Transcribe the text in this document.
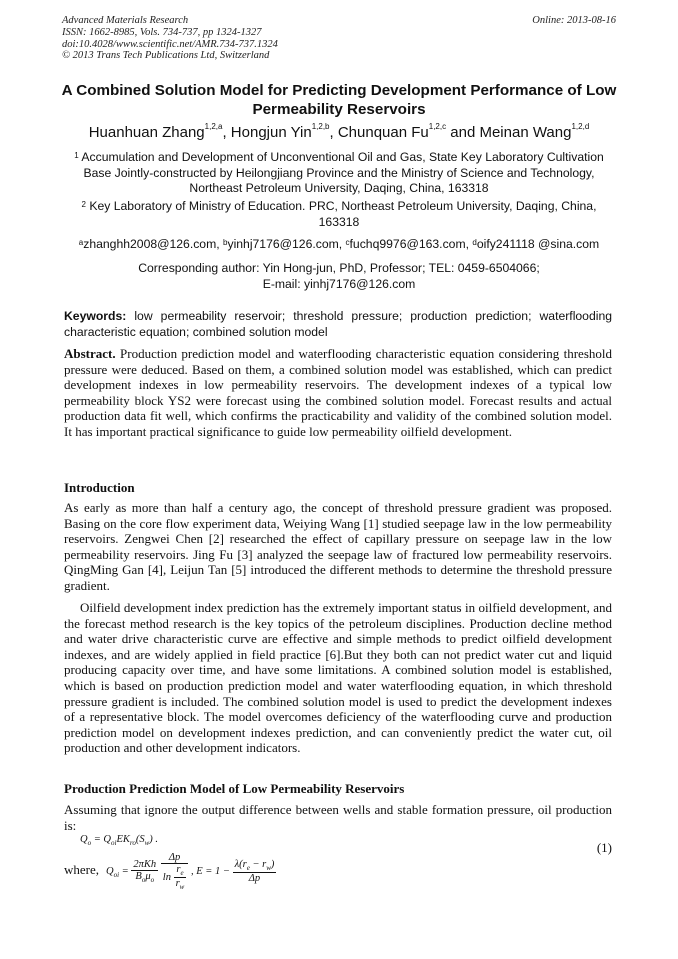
Advanced Materials Research
ISSN: 1662-8985, Vols. 734-737, pp 1324-1327
doi:10.4028/www.scientific.net/AMR.734-737.1324
© 2013 Trans Tech Publications Ltd, Switzerland
Online: 2013-08-16
A Combined Solution Model for Predicting Development Performance of Low Permeability Reservoirs
Huanhuan Zhang$^{1,2,a}$, Hongjun Yin$^{1,2,b}$, Chunquan Fu$^{1,2,c}$ and Meinan Wang$^{1,2,d}$
$^1$ Accumulation and Development of Unconventional Oil and Gas, State Key Laboratory Cultivation Base Jointly-constructed by Heilongjiang Province and the Ministry of Science and Technology, Northeast Petroleum University, Daqing, China, 163318
$^2$ Key Laboratory of Ministry of Education. PRC, Northeast Petroleum University, Daqing, China, 163318
$^a$zhanghh2008@126.com, $^b$yinhj7176@126.com, $^c$fuchq9976@163.com, $^d$oify241118 @sina.com
Corresponding author: Yin Hong-jun, PhD, Professor; TEL: 0459-6504066;
E-mail: yinhj7176@126.com
Keywords: low permeability reservoir; threshold pressure; production prediction; waterflooding characteristic equation; combined solution model
Abstract. Production prediction model and waterflooding characteristic equation considering threshold pressure were deduced. Based on them, a combined solution model was established, which can predict development indexes in low permeability reservoirs. The development indexes of a typical low permeability block YS2 were forecast using the combined solution model. Forecast results and actual production data fit well, which confirms the practicability and validity of the combined solution model. It has important practical significance to guide low permeability oilfield development.
Introduction
As early as more than half a century ago, the concept of threshold pressure gradient was proposed. Basing on the core flow experiment data, Weiying Wang [1] studied seepage law in the low permeability reservoirs. Zengwei Chen [2] researched the effect of capillary pressure on seepage law in the low permeability reservoirs. Jing Fu [3] analyzed the seepage law of fractured low permeability reservoirs. QingMing Gan [4], Leijun Tan [5] introduced the different methods to determine the threshold pressure gradient.
Oilfield development index prediction has the extremely important status in oilfield development, and the forecast method research is the key topics of the petroleum disciplines. Production decline method and water drive characteristic curve are effective and simple methods to predict oilfield development indexes, and are widely applied in field practice [6].But they both can not predict water cut and liquid producing capacity over time, and have some limitations. A combined solution model is established, which is based on production prediction model and water waterflooding equation, in which threshold pressure gradient is included. The combined solution model is used to predict the development indexes of a representative block. The model overcomes deficiency of the waterflooding curve and production prediction model on development indexes prediction, and can conveniently predict the water cut, oil production and other development indicators.
Production Prediction Model of Low Permeability Reservoirs
Assuming that ignore the output difference between wells and stable formation pressure, oil production is:
$Q_o = Q_{oi}EK_{ro}(S_w)$ .
(1)
where, $Q_{oi} = \frac{\text{2πKh}}{B_o\mu_o}$
$\frac{\Delta p}{\ln \frac{r_e}{r_w}}$ , $E = 1 - \frac{\lambda(r_e - r_w)}{\Delta p}$
